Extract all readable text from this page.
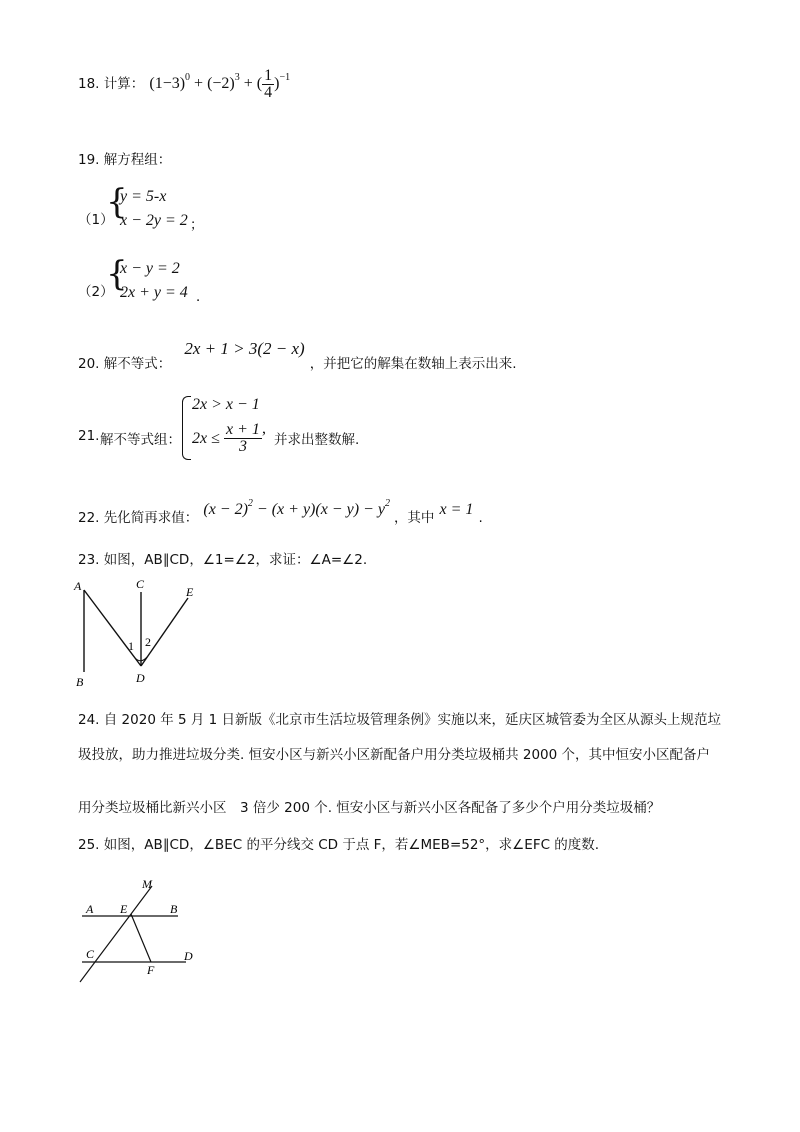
18. 计算： $(1-3)^0 + (-2)^3$ + ( $\frac{1}{4} )^{-1}$
19. 解方程组：
（1）
{
y = 5-x
x − 2y = 2 ；
（2）
{
x − y = 2
2x + y = 4 ．
$_{20.}$ $_{解不等式:}$ 2x + 1 > 3(2 − x) $_{,并把它的解集在数轴上表示出来.}$
21. 解不等式组：
2x > x − 1
$2x \le \frac{x + 1}{3}$ ,
并求出整数解.
$_{22.}$ $_{先化简再求值:}$ $(x - 2)^2 - (x + y)(x - y) - y^2$ $_{,其中}$ x = 1 $_.$
23. 如图，AB∥CD，∠1=∠2，求证：∠A=∠2.
A
B
C
D
E
1 2
24. 自 2020 年 5 月 1 日新版《北京市生活垃圾管理条例》实施以来，延庆区城管委为全区从源头上规范垃
圾投放，助力推进垃圾分类. 恒安小区与新兴小区新配备户用分类垃圾桶共 2000 个，其中恒安小区配备户
用分类垃圾桶比新兴小区　3 倍少 200 个. 恒安小区与新兴小区各配备了多少个户用分类垃圾桶？
25. 如图，AB∥CD，∠BEC 的平分线交 CD 于点 F，若∠MEB=52°，求∠EFC 的度数.
M
A E	B
C	D
F
